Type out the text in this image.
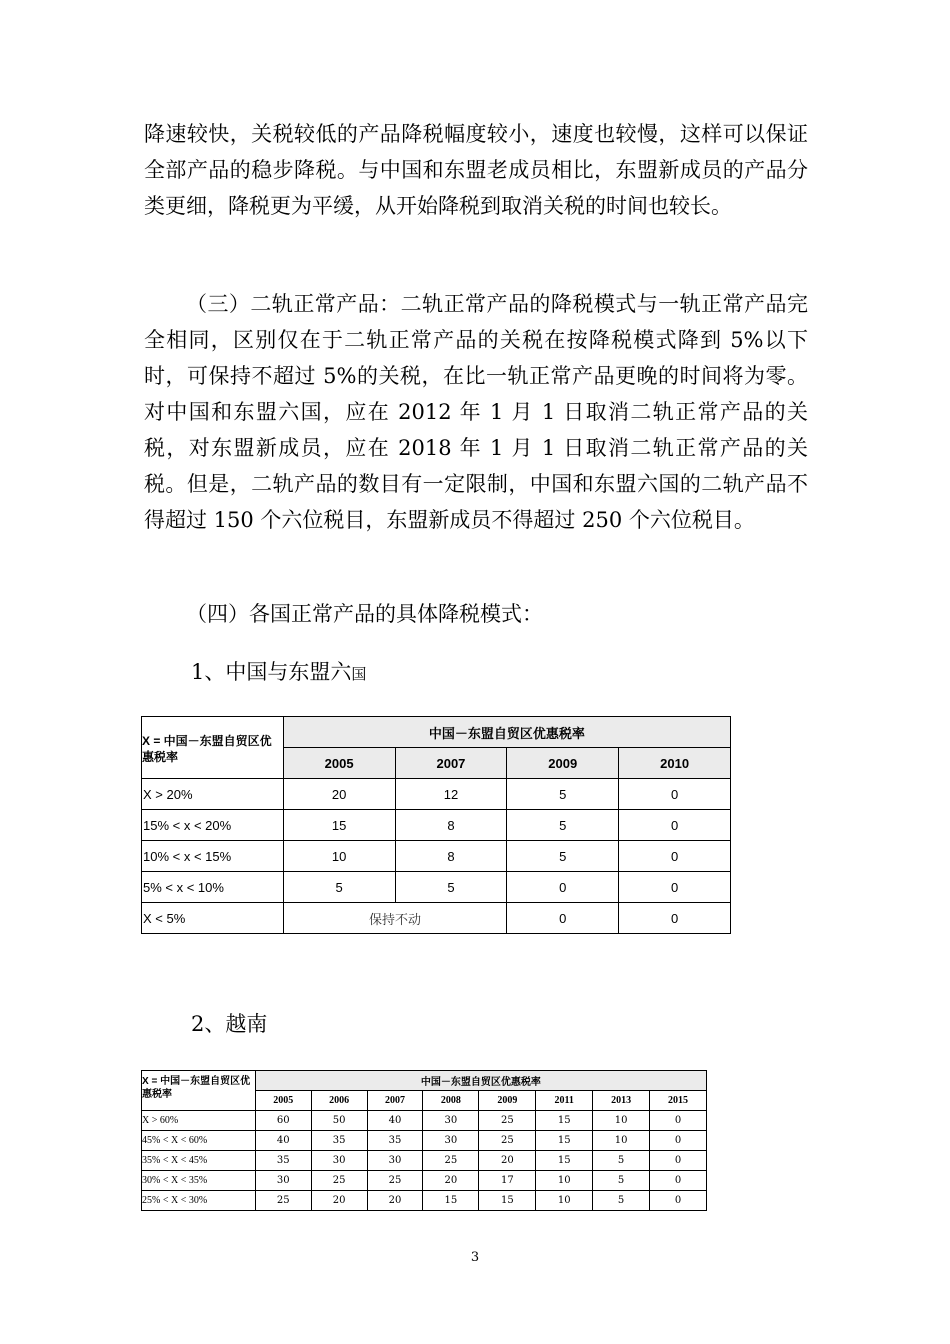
降速较快，关税较低的产品降税幅度较小，速度也较慢，这样可以保证全部产品的稳步降税。与中国和东盟老成员相比，东盟新成员的产品分类更细，降税更为平缓，从开始降税到取消关税的时间也较长。

（三）二轨正常产品：二轨正常产品的降税模式与一轨正常产品完全相同，区别仅在于二轨正常产品的关税在按降税模式降到 5%以下时，可保持不超过 5%的关税，在比一轨正常产品更晚的时间将为零。对中国和东盟六国，应在 2012 年 1 月 1 日取消二轨正常产品的关税，对东盟新成员，应在 2018 年 1 月 1 日取消二轨正常产品的关税。但是，二轨产品的数目有一定限制，中国和东盟六国的二轨产品不得超过 150 个六位税目，东盟新成员不得超过 250 个六位税目。

（四）各国正常产品的具体降税模式：

1、中国与东盟六国
X = 中国－东盟自贸区优惠税率	中国－东盟自贸区优惠税率			
	2005	2007	2009	2010
X > 20%	20	12	5	0
15% < x < 20%	15	8	5	0
10% < x < 15%	10	8	5	0
5% < x < 10%	5	5	0	0
X < 5%	保持不动		0	0
2、越南
X = 中国－东盟自贸区优惠税率	中国－东盟自贸区优惠税率							
	2005	2006	2007	2008	2009	2011	2013	2015
X > 60%	60	50	40	30	25	15	10	0
45% < X < 60%	40	35	35	30	25	15	10	0
35% < X < 45%	35	30	30	25	20	15	5	0
30% < X < 35%	30	25	25	20	17	10	5	0
25% < X < 30%	25	20	20	15	15	10	5	0
3
